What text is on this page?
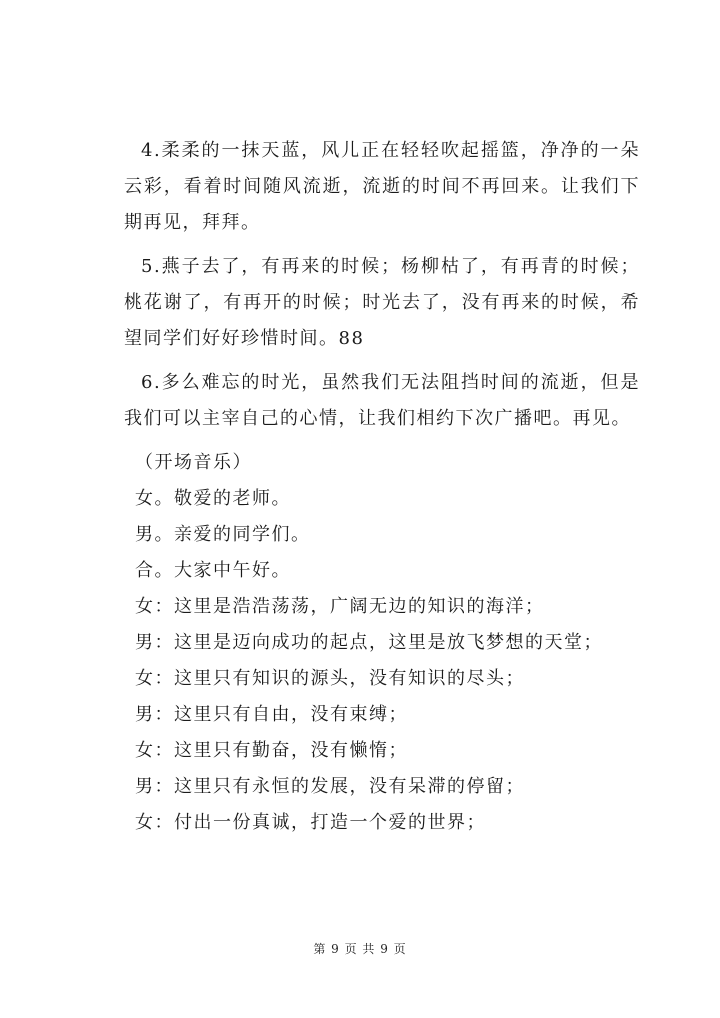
4.柔柔的一抹天蓝，风儿正在轻轻吹起摇篮，净净的一朵云彩，看着时间随风流逝，流逝的时间不再回来。让我们下期再见，拜拜。

5.燕子去了，有再来的时候；杨柳枯了，有再青的时候；桃花谢了，有再开的时候；时光去了，没有再来的时候，希望同学们好好珍惜时间。88

6.多么难忘的时光，虽然我们无法阻挡时间的流逝，但是我们可以主宰自己的心情，让我们相约下次广播吧。再见。

（开场音乐）
女。敬爱的老师。
男。亲爱的同学们。
合。大家中午好。
女：这里是浩浩荡荡，广阔无边的知识的海洋；
男：这里是迈向成功的起点，这里是放飞梦想的天堂；
女：这里只有知识的源头，没有知识的尽头；
男：这里只有自由，没有束缚；
女：这里只有勤奋，没有懒惰；
男：这里只有永恒的发展，没有呆滞的停留；
女：付出一份真诚，打造一个爱的世界；
第 9 页 共 9 页
